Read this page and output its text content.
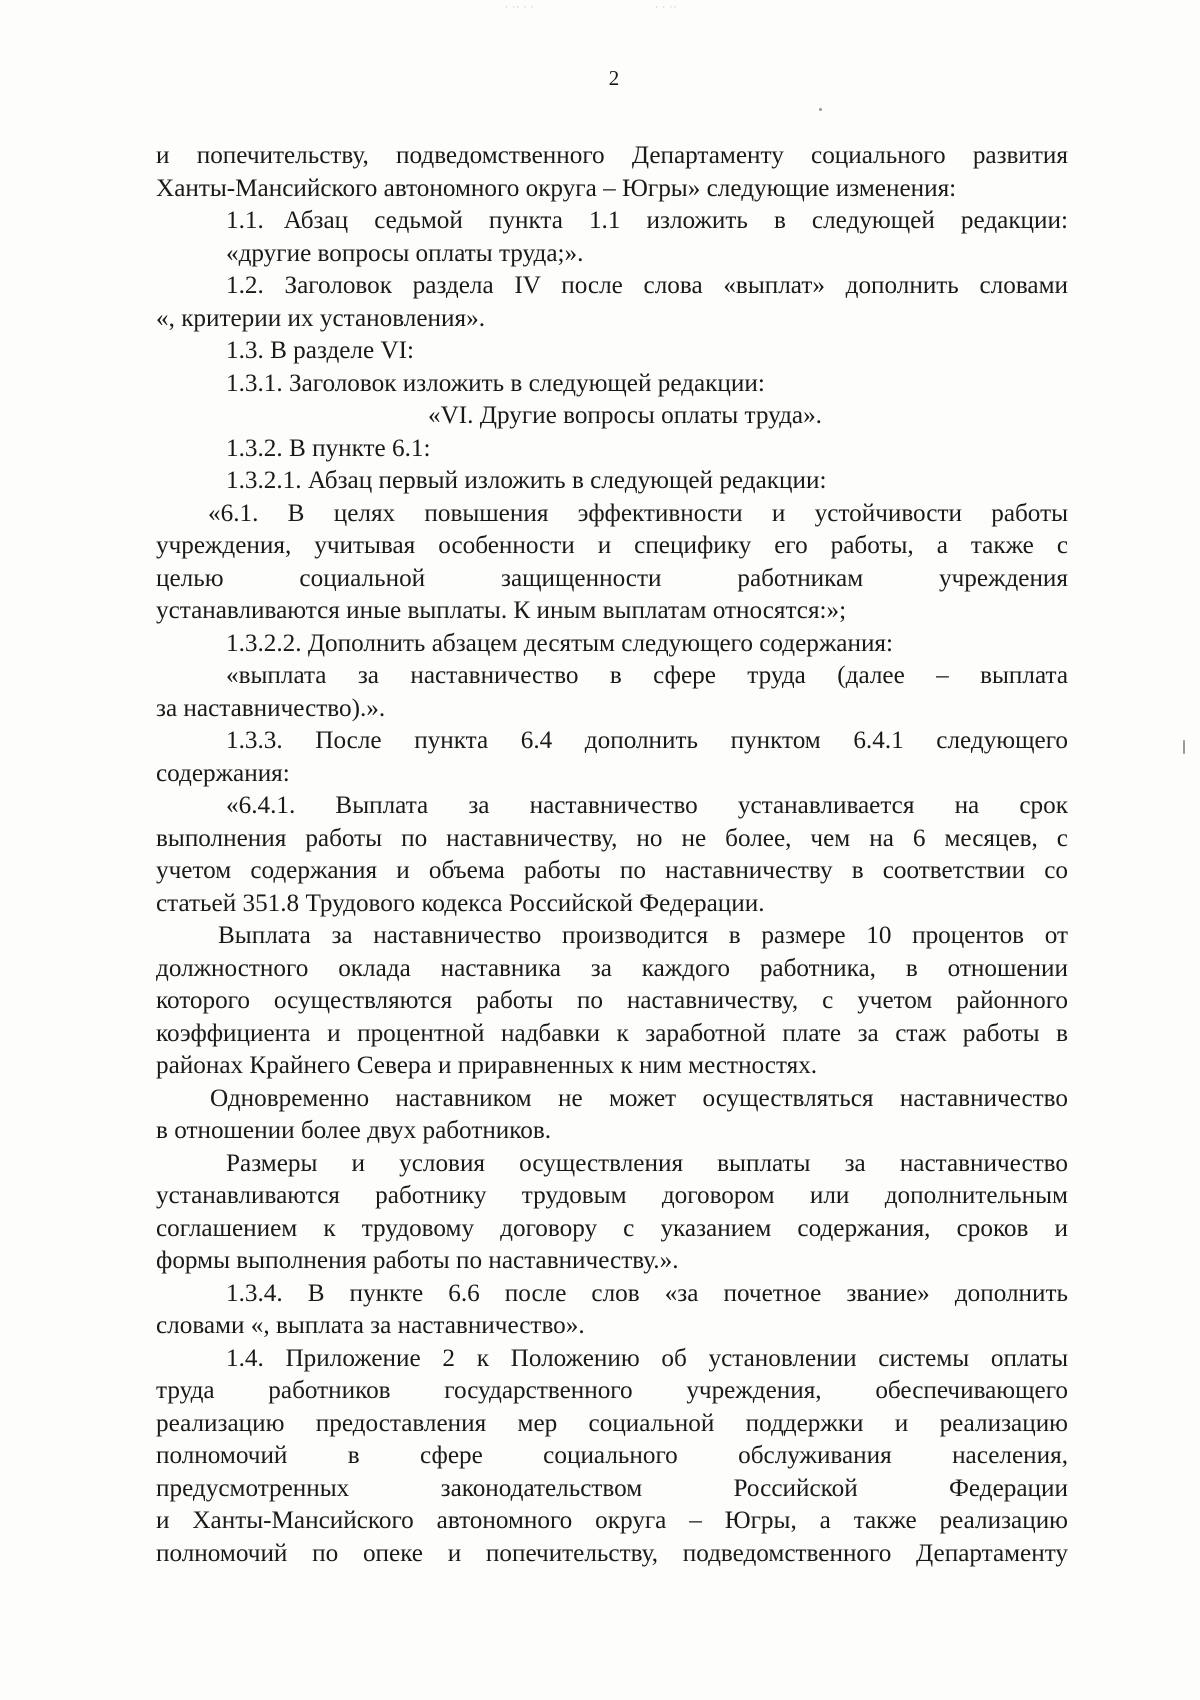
· ·· · ·	· · ··
2

и попечительству, подведомственного Департаменту социального развития

Ханты-Мансийского автономного округа – Югры» следующие изменения:

1.1. Абзац седьмой пункта 1.1 изложить в следующей редакции:

«другие вопросы оплаты труда;».

1.2. Заголовок раздела IV после слова «выплат» дополнить словами

«, критерии их установления».

1.3. В разделе VI:

1.3.1. Заголовок изложить в следующей редакции:

«VI. Другие вопросы оплаты труда».

1.3.2. В пункте 6.1:

1.3.2.1. Абзац первый изложить в следующей редакции:

«6.1. В целях повышения эффективности и устойчивости работы

учреждения, учитывая особенности и специфику его работы, а также с

целью социальной защищенности работникам учреждения

устанавливаются иные выплаты. К иным выплатам относятся:»;

1.3.2.2. Дополнить абзацем десятым следующего содержания:

«выплата за наставничество в сфере труда (далее – выплата

за наставничество).».

1.3.3. После пункта 6.4 дополнить пунктом 6.4.1 следующего

содержания:

«6.4.1. Выплата за наставничество устанавливается на срок

выполнения работы по наставничеству, но не более, чем на 6 месяцев, с

учетом содержания и объема работы по наставничеству в соответствии со

статьей 351.8 Трудового кодекса Российской Федерации.

Выплата за наставничество производится в размере 10 процентов от

должностного оклада наставника за каждого работника, в отношении

которого осуществляются работы по наставничеству, с учетом районного

коэффициента и процентной надбавки к заработной плате за стаж работы в

районах Крайнего Севера и приравненных к ним местностях.

Одновременно наставником не может осуществляться наставничество

в отношении более двух работников.

Размеры и условия осуществления выплаты за наставничество

устанавливаются работнику трудовым договором или дополнительным

соглашением к трудовому договору с указанием содержания, сроков и

формы выполнения работы по наставничеству.».

1.3.4. В пункте 6.6 после слов «за почетное звание» дополнить

словами «, выплата за наставничество».

1.4. Приложение 2 к Положению об установлении системы оплаты

труда работников государственного учреждения, обеспечивающего

реализацию предоставления мер социальной поддержки и реализацию

полномочий в сфере социального обслуживания населения,

предусмотренных законодательством Российской Федерации

и Ханты-Мансийского автономного округа – Югры, а также реализацию

полномочий по опеке и попечительству, подведомственного Департаменту
